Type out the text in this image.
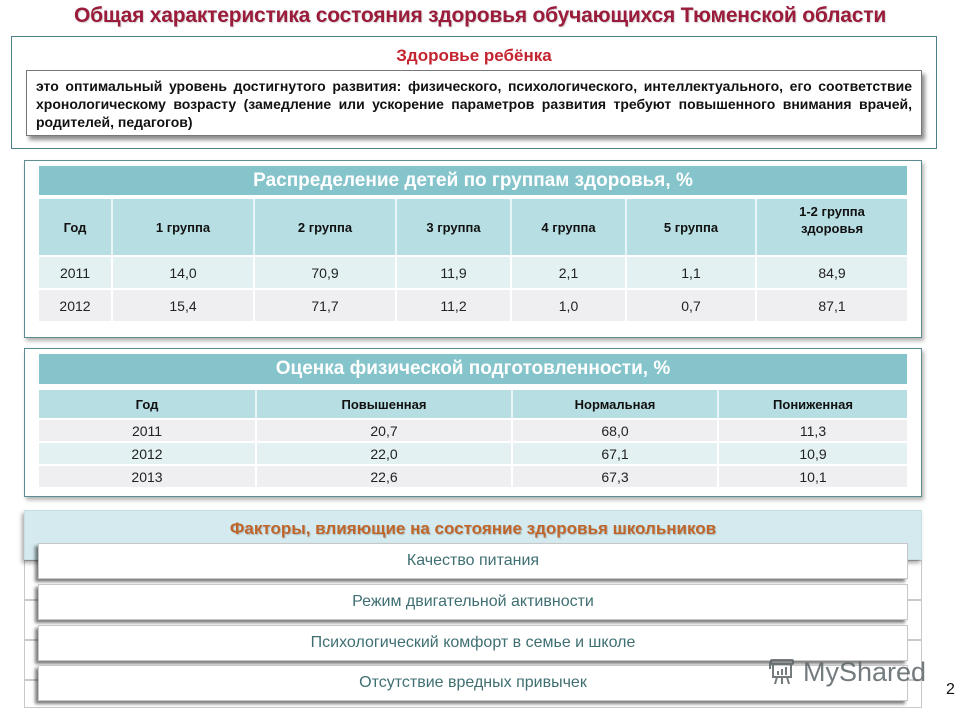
Общая характеристика состояния здоровья обучающихся Тюменской области
Здоровье ребёнка
это оптимальный уровень достигнутого развития: физического, психологического, интеллектуального, его соответствие хронологическому возрасту (замедление или ускорение параметров развития требуют повышенного внимания врачей, родителей, педагогов)
Распределение детей по группам здоровья, %
Год	1 группа	2 группа	3 группа	4 группа	5 группа	1-2 группа здоровья
2011	14,0	70,9	11,9	2,1	1,1	84,9
2012	15,4	71,7	11,2	1,0	0,7	87,1
Оценка физической подготовленности, %
Год	Повышенная	Нормальная	Пониженная
2011	20,7	68,0	11,3
2012	22,0	67,1	10,9
2013	22,6	67,3	10,1
Факторы, влияющие на состояние здоровья школьников
Качество питания
Режим двигательной активности
Психологический комфорт в семье и школе
Отсутствие вредных привычек	MyShared
2
